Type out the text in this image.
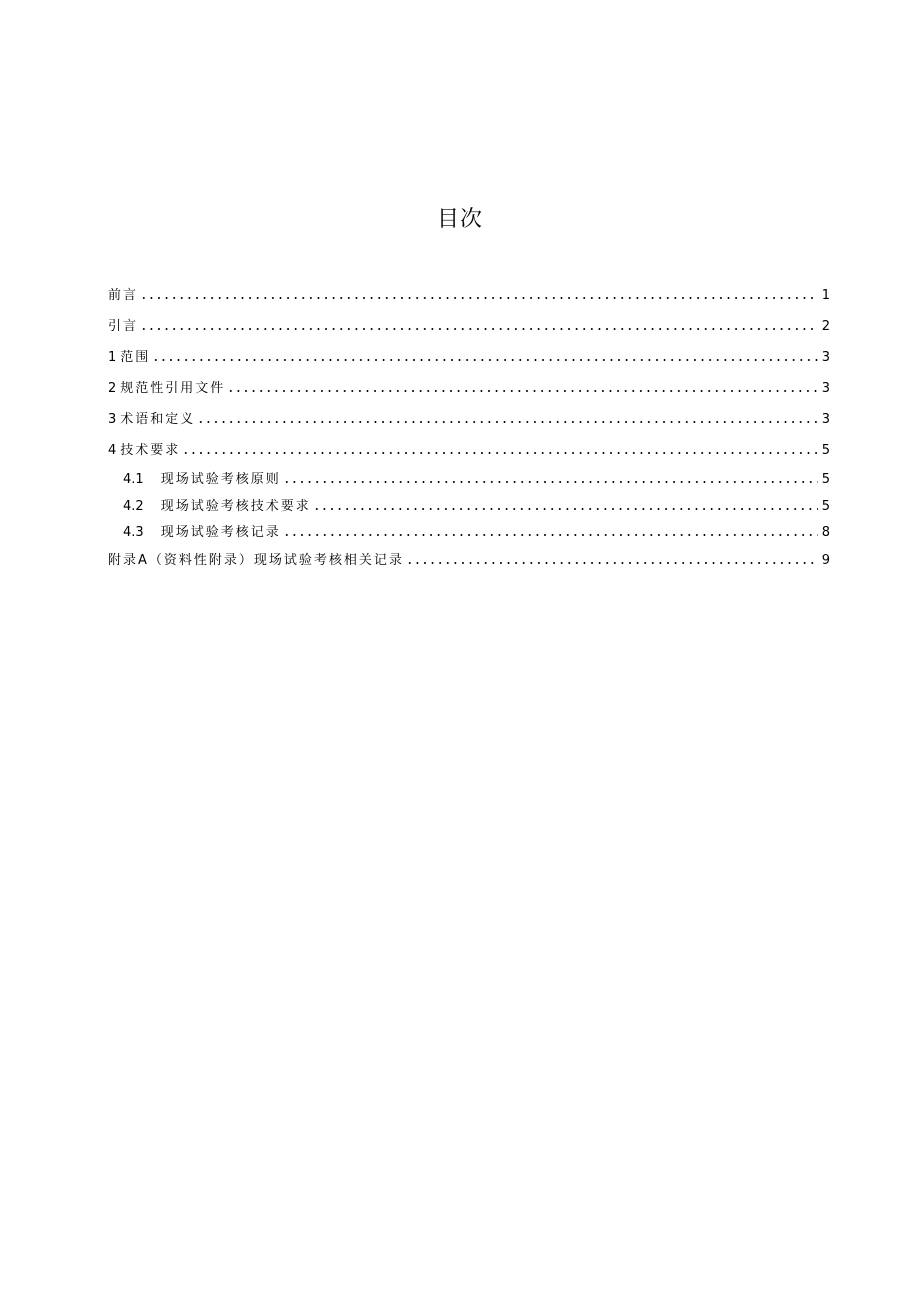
目次
前言	1
引言	2
1 范围	3
2 规范性引用文件	3
3 术语和定义	3
4 技术要求	5
4.1	现场试验考核原则	5
4.2	现场试验考核技术要求	5
4.3	现场试验考核记录	8
附录A（资料性附录）现场试验考核相关记录	9
